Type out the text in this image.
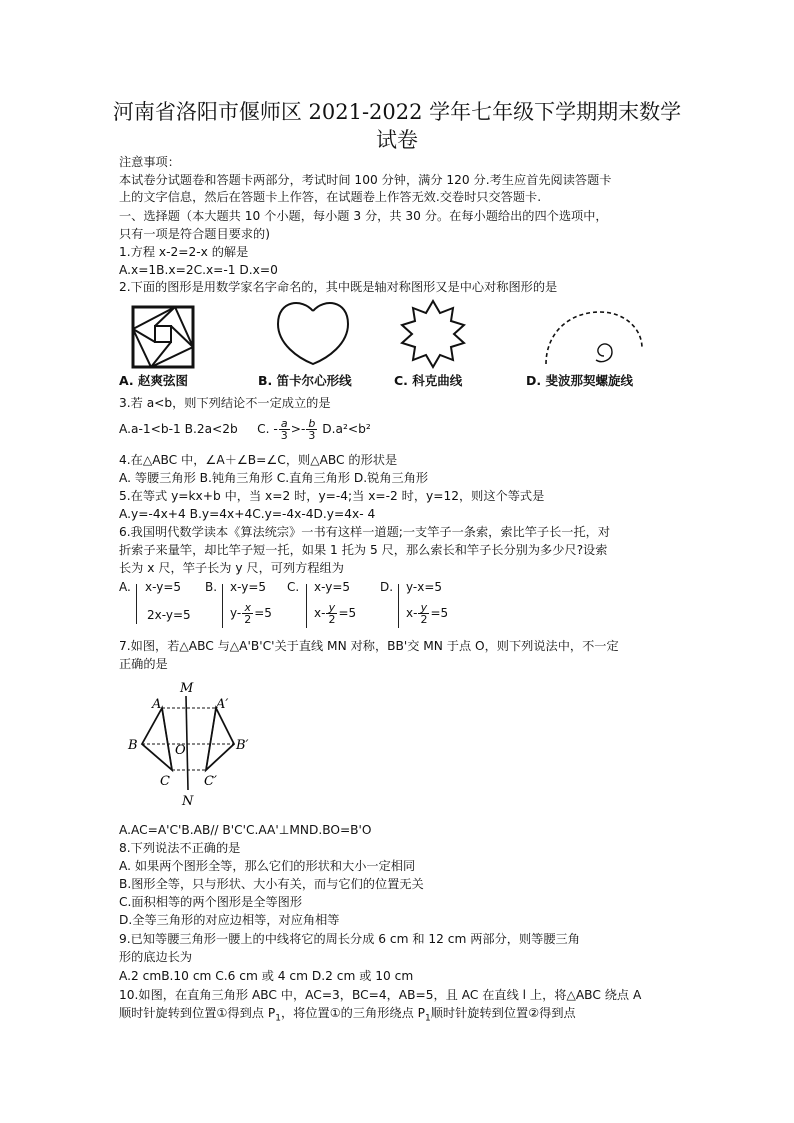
注意事项：
河南省洛阳市偃师区 2021-2022 学年七年级下学期期末数学
试卷
本试卷分试题卷和答题卡两部分，考试时间 100 分钟，满分 120 分.考生应首先阅读答题卡
上的文字信息，然后在答题卡上作答，在试题卷上作答无效.交卷时只交答题卡.
一、选择题（本大题共 10 个小题，每小题 3 分，共 30 分。在每小题给出的四个选项中，
只有一项是符合题目要求的)
1.方程 x-2=2-x 的解是
A.x=1B.x=2C.x=-1 D.x=0
2.下面的图形是用数学家名字命名的，其中既是轴对称图形又是中心对称图形的是
A. 赵爽弦图	B. 笛卡尔心形线	C. 科克曲线	D. 斐波那契螺旋线
3.若 a<b，则下列结论不一定成立的是
A.a-1<b-1 B.2a<2b C. - $\frac{a}{3} >- \frac{b}{3} D.a^2<b^2$
4.在△ABC 中，∠A＋∠B=∠C，则△ABC 的形状是
A. 等腰三角形 B.钝角三角形 C.直角三角形 D.锐角三角形
5.在等式 y=kx+b 中，当 x=2 时，y=-4;当 x=-2 时，y=12，则这个等式是
A.y=-4x+4 B.y=4x+4C.y=-4x-4D.y=4x- 4
6.我国明代数学读本《算法统宗》一书有这样一道题;一支竿子一条索，索比竿子长一托，对
折索子来量竿，却比竿子短一托，如果 1 托为 5 尺，那么索长和竿子长分别为多少尺?设索
长为 x 尺，竿子长为 y 尺，可列方程组为
A. x-y=5
2x-y=5
B. x-y=5
$y- \frac{x}{2} =5$
C. x-y=5
$x- \frac{y}{2} =5$
D. y-x=5
$x- \frac{y}{2} =5$
7.如图，若△ABC 与△A'B'C'关于直线 MN 对称，BB'交 MN 于点 O，则下列说法中，不一定
正确的是
M
N
O
A
B
C
A′
B′
C′
A.AC=A'C'B.AB// B'C'C.AA'⊥MND.BO=B'O
8.下列说法不正确的是
A. 如果两个图形全等，那么它们的形状和大小一定相同
B.图形全等，只与形状、大小有关，而与它们的位置无关
C.面积相等的两个图形是全等图形
D.全等三角形的对应边相等，对应角相等
9.已知等腰三角形一腰上的中线将它的周长分成 6 cm 和 12 cm 两部分，则等腰三角
形的底边长为
A.2 cmB.10 cm C.6 cm 或 4 cm D.2 cm 或 10 cm
10.如图，在直角三角形 ABC 中，AC=3，BC=4，AB=5，且 AC 在直线 l 上，将△ABC 绕点 A
顺时针旋转到位置①得到点 $P_1$，将位置①的三角形绕点 $P_1$顺时针旋转到位置②得到点
